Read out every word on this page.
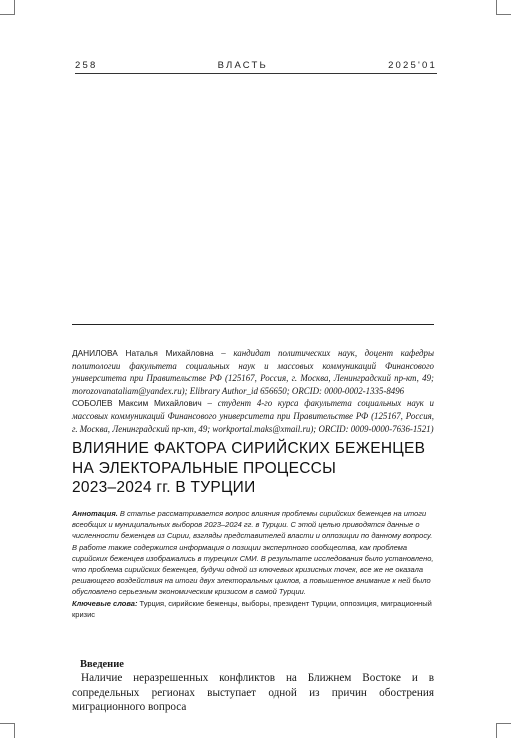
258	ВЛАСТЬ	2025'01

ДАНИЛОВА Наталья Михайловна – кандидат политических наук, доцент кафедры политологии факультета социальных наук и массовых коммуникаций Финансового университета при Правительстве РФ (125167, Россия, г. Москва, Ленинградский пр-кт, 49; morozovanataliam@yandex.ru); Elibrary Author_id 656650; ORCID: 0000-0002-1335-8496

СОБОЛЕВ Максим Михайлович – студент 4-го курса факультета социальных наук и массовых коммуникаций Финансового университета при Правительстве РФ (125167, Россия, г. Москва, Ленинградский пр-кт, 49; workportal.maks@xmail.ru); ORCID: 0009-0000-7636-1521)

ВЛИЯНИЕ ФАКТОРА СИРИЙСКИХ БЕЖЕНЦЕВ
НА ЭЛЕКТОРАЛЬНЫЕ ПРОЦЕССЫ
2023–2024 гг. В ТУРЦИИ

Аннотация. В статье рассматривается вопрос влияния проблемы сирийских беженцев на итоги всеобщих и муниципальных выборов 2023–2024 гг. в Турции. С этой целью приводятся данные о численности беженцев из Сирии, взгляды представителей власти и оппозиции по данному вопросу. В работе также содержится информация о позиции экспертного сообщества, как проблема сирийских беженцев изображались в турецких СМИ. В результате исследования было установлено, что проблема сирийских беженцев, будучи одной из ключевых кризисных точек, все же не оказала решающего воздействия на итоги двух электоральных циклов, а повышенное внимание к ней было обусловлено серьезным экономическим кризисом в самой Турции.

Ключевые слова: Турция, сирийские беженцы, выборы, президент Турции, оппозиция, миграционный кризис

Введение

Наличие неразрешенных конфликтов на Ближнем Востоке и в сопредельных регионах выступает одной из причин обострения миграционного вопроса
